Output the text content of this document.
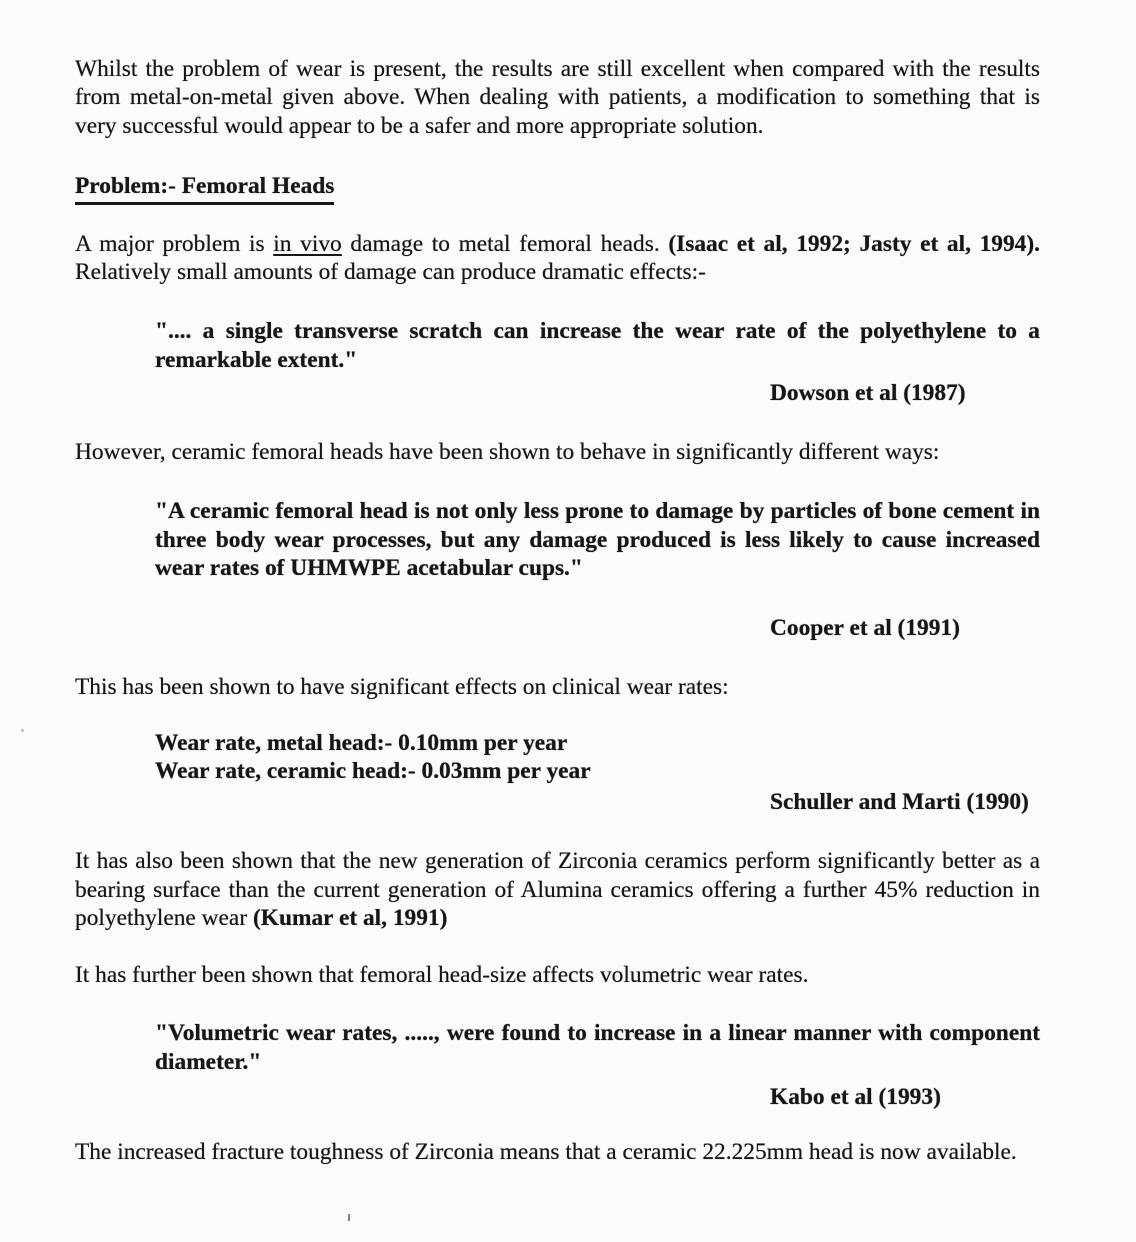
Whilst the problem of wear is present, the results are still excellent when compared with the results from metal-on-metal given above. When dealing with patients, a modification to something that is very successful would appear to be a safer and more appropriate solution.

Problem:- Femoral Heads

A major problem is in vivo damage to metal femoral heads. (Isaac et al, 1992; Jasty et al, 1994). Relatively small amounts of damage can produce dramatic effects:-

".... a single transverse scratch can increase the wear rate of the polyethylene to a remarkable extent."

Dowson et al (1987)

However, ceramic femoral heads have been shown to behave in significantly different ways:

"A ceramic femoral head is not only less prone to damage by particles of bone cement in three body wear processes, but any damage produced is less likely to cause increased wear rates of UHMWPE acetabular cups."

Cooper et al (1991)

This has been shown to have significant effects on clinical wear rates:

Wear rate, metal head:- 0.10mm per year
Wear rate, ceramic head:- 0.03mm per year

Schuller and Marti (1990)

It has also been shown that the new generation of Zirconia ceramics perform significantly better as a bearing surface than the current generation of Alumina ceramics offering a further 45% reduction in polyethylene wear (Kumar et al, 1991)

It has further been shown that femoral head-size affects volumetric wear rates.

"Volumetric wear rates, ....., were found to increase in a linear manner with component diameter."

Kabo et al (1993)

The increased fracture toughness of Zirconia means that a ceramic 22.225mm head is now available.
